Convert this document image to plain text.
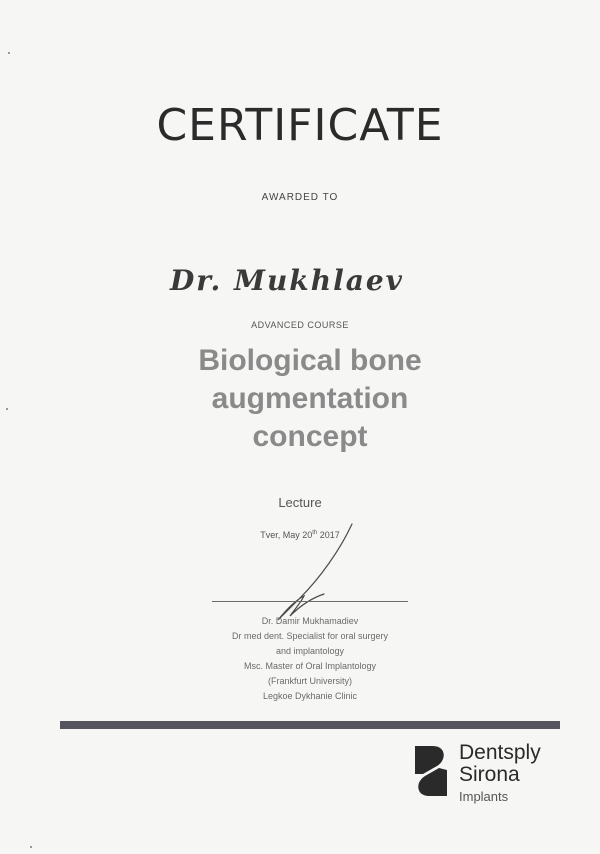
CERTIFICATE
AWARDED TO
Dr. Mukhlaev
ADVANCED COURSE
Biological bone
augmentation
concept
Lecture
Tver, May 20th 2017
Dr. Damir Mukhamadiev
Dr med dent. Specialist for oral surgery
and implantology
Msc. Master of Oral Implantology
(Frankfurt University)
Legkoe Dykhanie Clinic
Dentsply
Sirona
Implants
